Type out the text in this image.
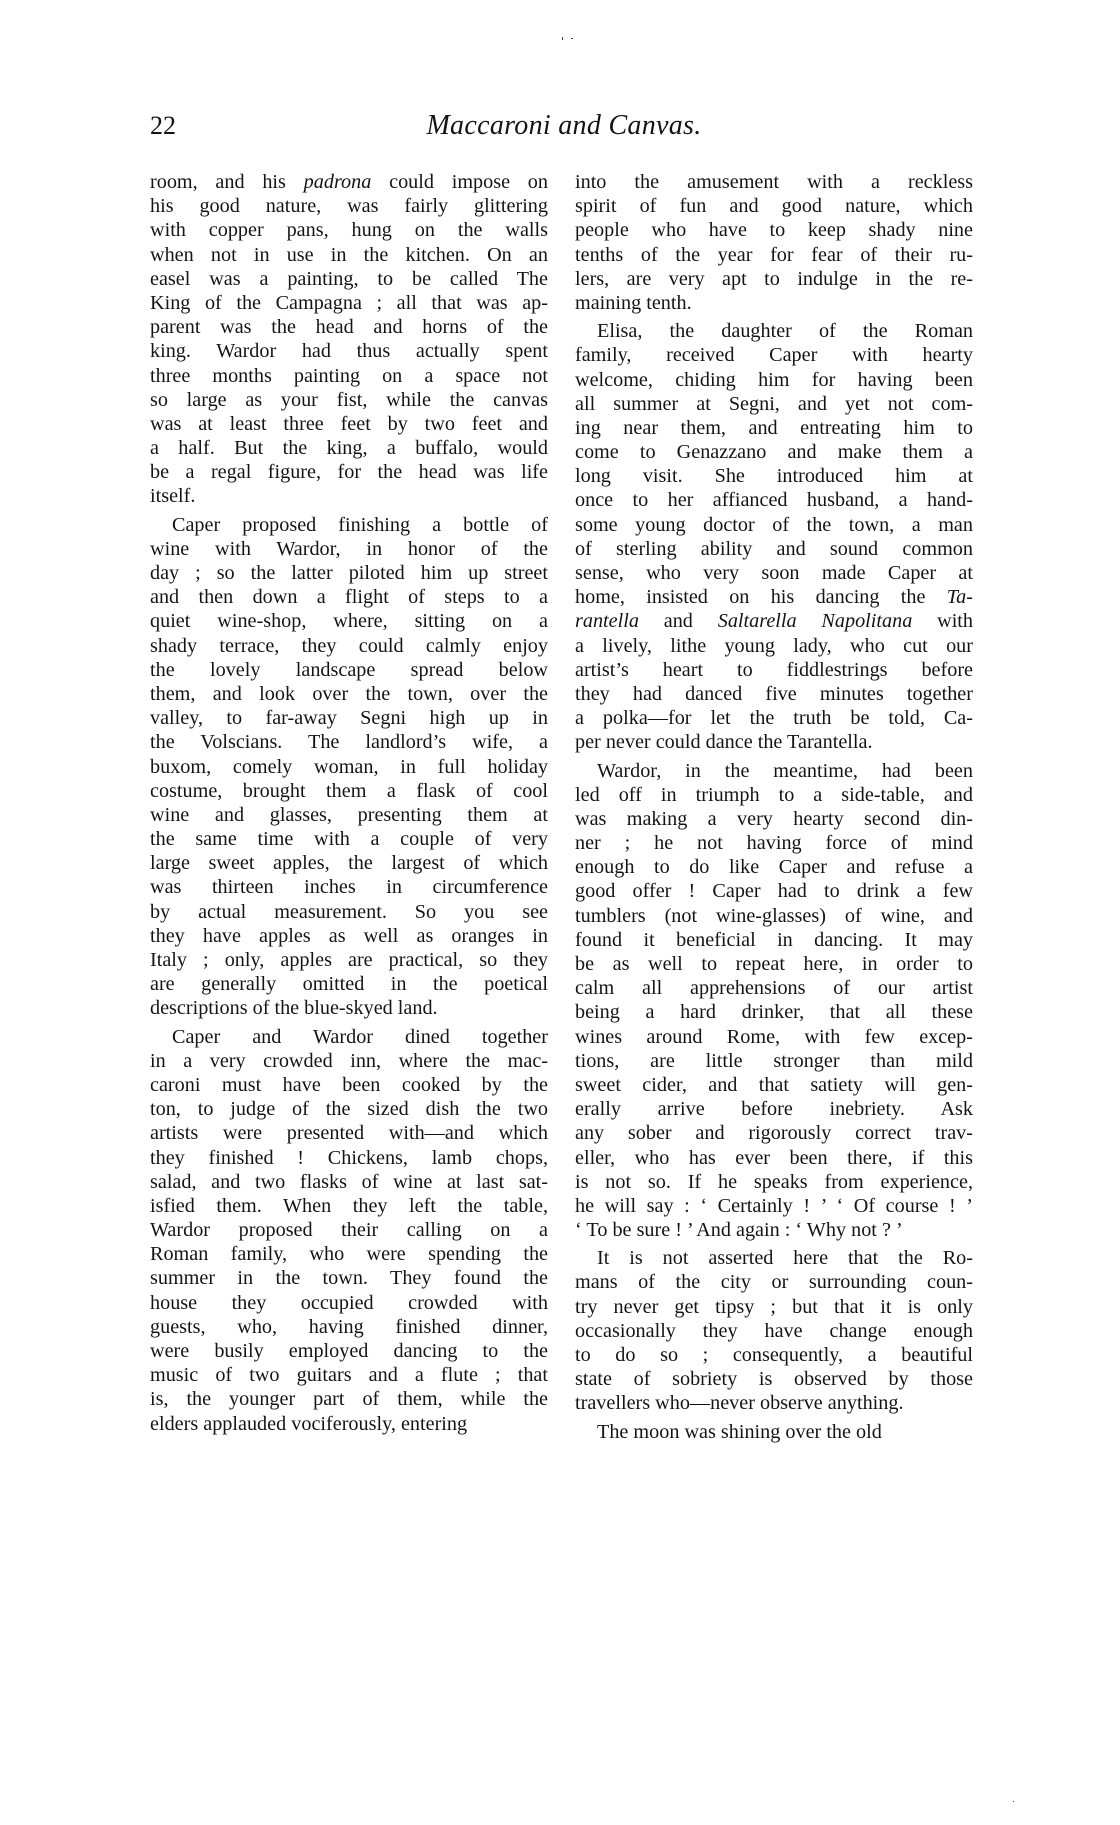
22	Maccaroni and Canvas.
room, and his padrona could impose on
his good nature, was fairly glittering
with copper pans, hung on the walls
when not in use in the kitchen. On an
easel was a painting, to be called The
King of the Campagna ; all that was ap-
parent was the head and horns of the
king. Wardor had thus actually spent
three months painting on a space not
so large as your fist, while the canvas
was at least three feet by two feet and
a half. But the king, a buffalo, would
be a regal figure, for the head was life
itself.
Caper proposed finishing a bottle of
wine with Wardor, in honor of the
day ; so the latter piloted him up street
and then down a flight of steps to a
quiet wine-shop, where, sitting on a
shady terrace, they could calmly enjoy
the lovely landscape spread below
them, and look over the town, over the
valley, to far-away Segni high up in
the Volscians. The landlord’s wife, a
buxom, comely woman, in full holiday
costume, brought them a flask of cool
wine and glasses, presenting them at
the same time with a couple of very
large sweet apples, the largest of which
was thirteen inches in circumference
by actual measurement. So you see
they have apples as well as oranges in
Italy ; only, apples are practical, so they
are generally omitted in the poetical
descriptions of the blue-skyed land.
Caper and Wardor dined together
in a very crowded inn, where the mac-
caroni must have been cooked by the
ton, to judge of the sized dish the two
artists were presented with—and which
they finished ! Chickens, lamb chops,
salad, and two flasks of wine at last sat-
isfied them. When they left the table,
Wardor proposed their calling on a
Roman family, who were spending the
summer in the town. They found the
house they occupied crowded with
guests, who, having finished dinner,
were busily employed dancing to the
music of two guitars and a flute ; that
is, the younger part of them, while the
elders applauded vociferously, entering
into the amusement with a reckless
spirit of fun and good nature, which
people who have to keep shady nine
tenths of the year for fear of their ru-
lers, are very apt to indulge in the re-
maining tenth.
Elisa, the daughter of the Roman
family, received Caper with hearty
welcome, chiding him for having been
all summer at Segni, and yet not com-
ing near them, and entreating him to
come to Genazzano and make them a
long visit. She introduced him at
once to her affianced husband, a hand-
some young doctor of the town, a man
of sterling ability and sound common
sense, who very soon made Caper at
home, insisted on his dancing the Ta-
rantella and Saltarella Napolitana with
a lively, lithe young lady, who cut our
artist’s heart to fiddlestrings before
they had danced five minutes together
a polka—for let the truth be told, Ca-
per never could dance the Tarantella.
Wardor, in the meantime, had been
led off in triumph to a side-table, and
was making a very hearty second din-
ner ; he not having force of mind
enough to do like Caper and refuse a
good offer ! Caper had to drink a few
tumblers (not wine-glasses) of wine, and
found it beneficial in dancing. It may
be as well to repeat here, in order to
calm all apprehensions of our artist
being a hard drinker, that all these
wines around Rome, with few excep-
tions, are little stronger than mild
sweet cider, and that satiety will gen-
erally arrive before inebriety. Ask
any sober and rigorously correct trav-
eller, who has ever been there, if this
is not so. If he speaks from experience,
he will say : ‘ Certainly ! ’ ‘ Of course ! ’
‘ To be sure ! ’ And again : ‘ Why not ? ’
It is not asserted here that the Ro-
mans of the city or surrounding coun-
try never get tipsy ; but that it is only
occasionally they have change enough
to do so ; consequently, a beautiful
state of sobriety is observed by those
travellers who—never observe anything.
The moon was shining over the old
